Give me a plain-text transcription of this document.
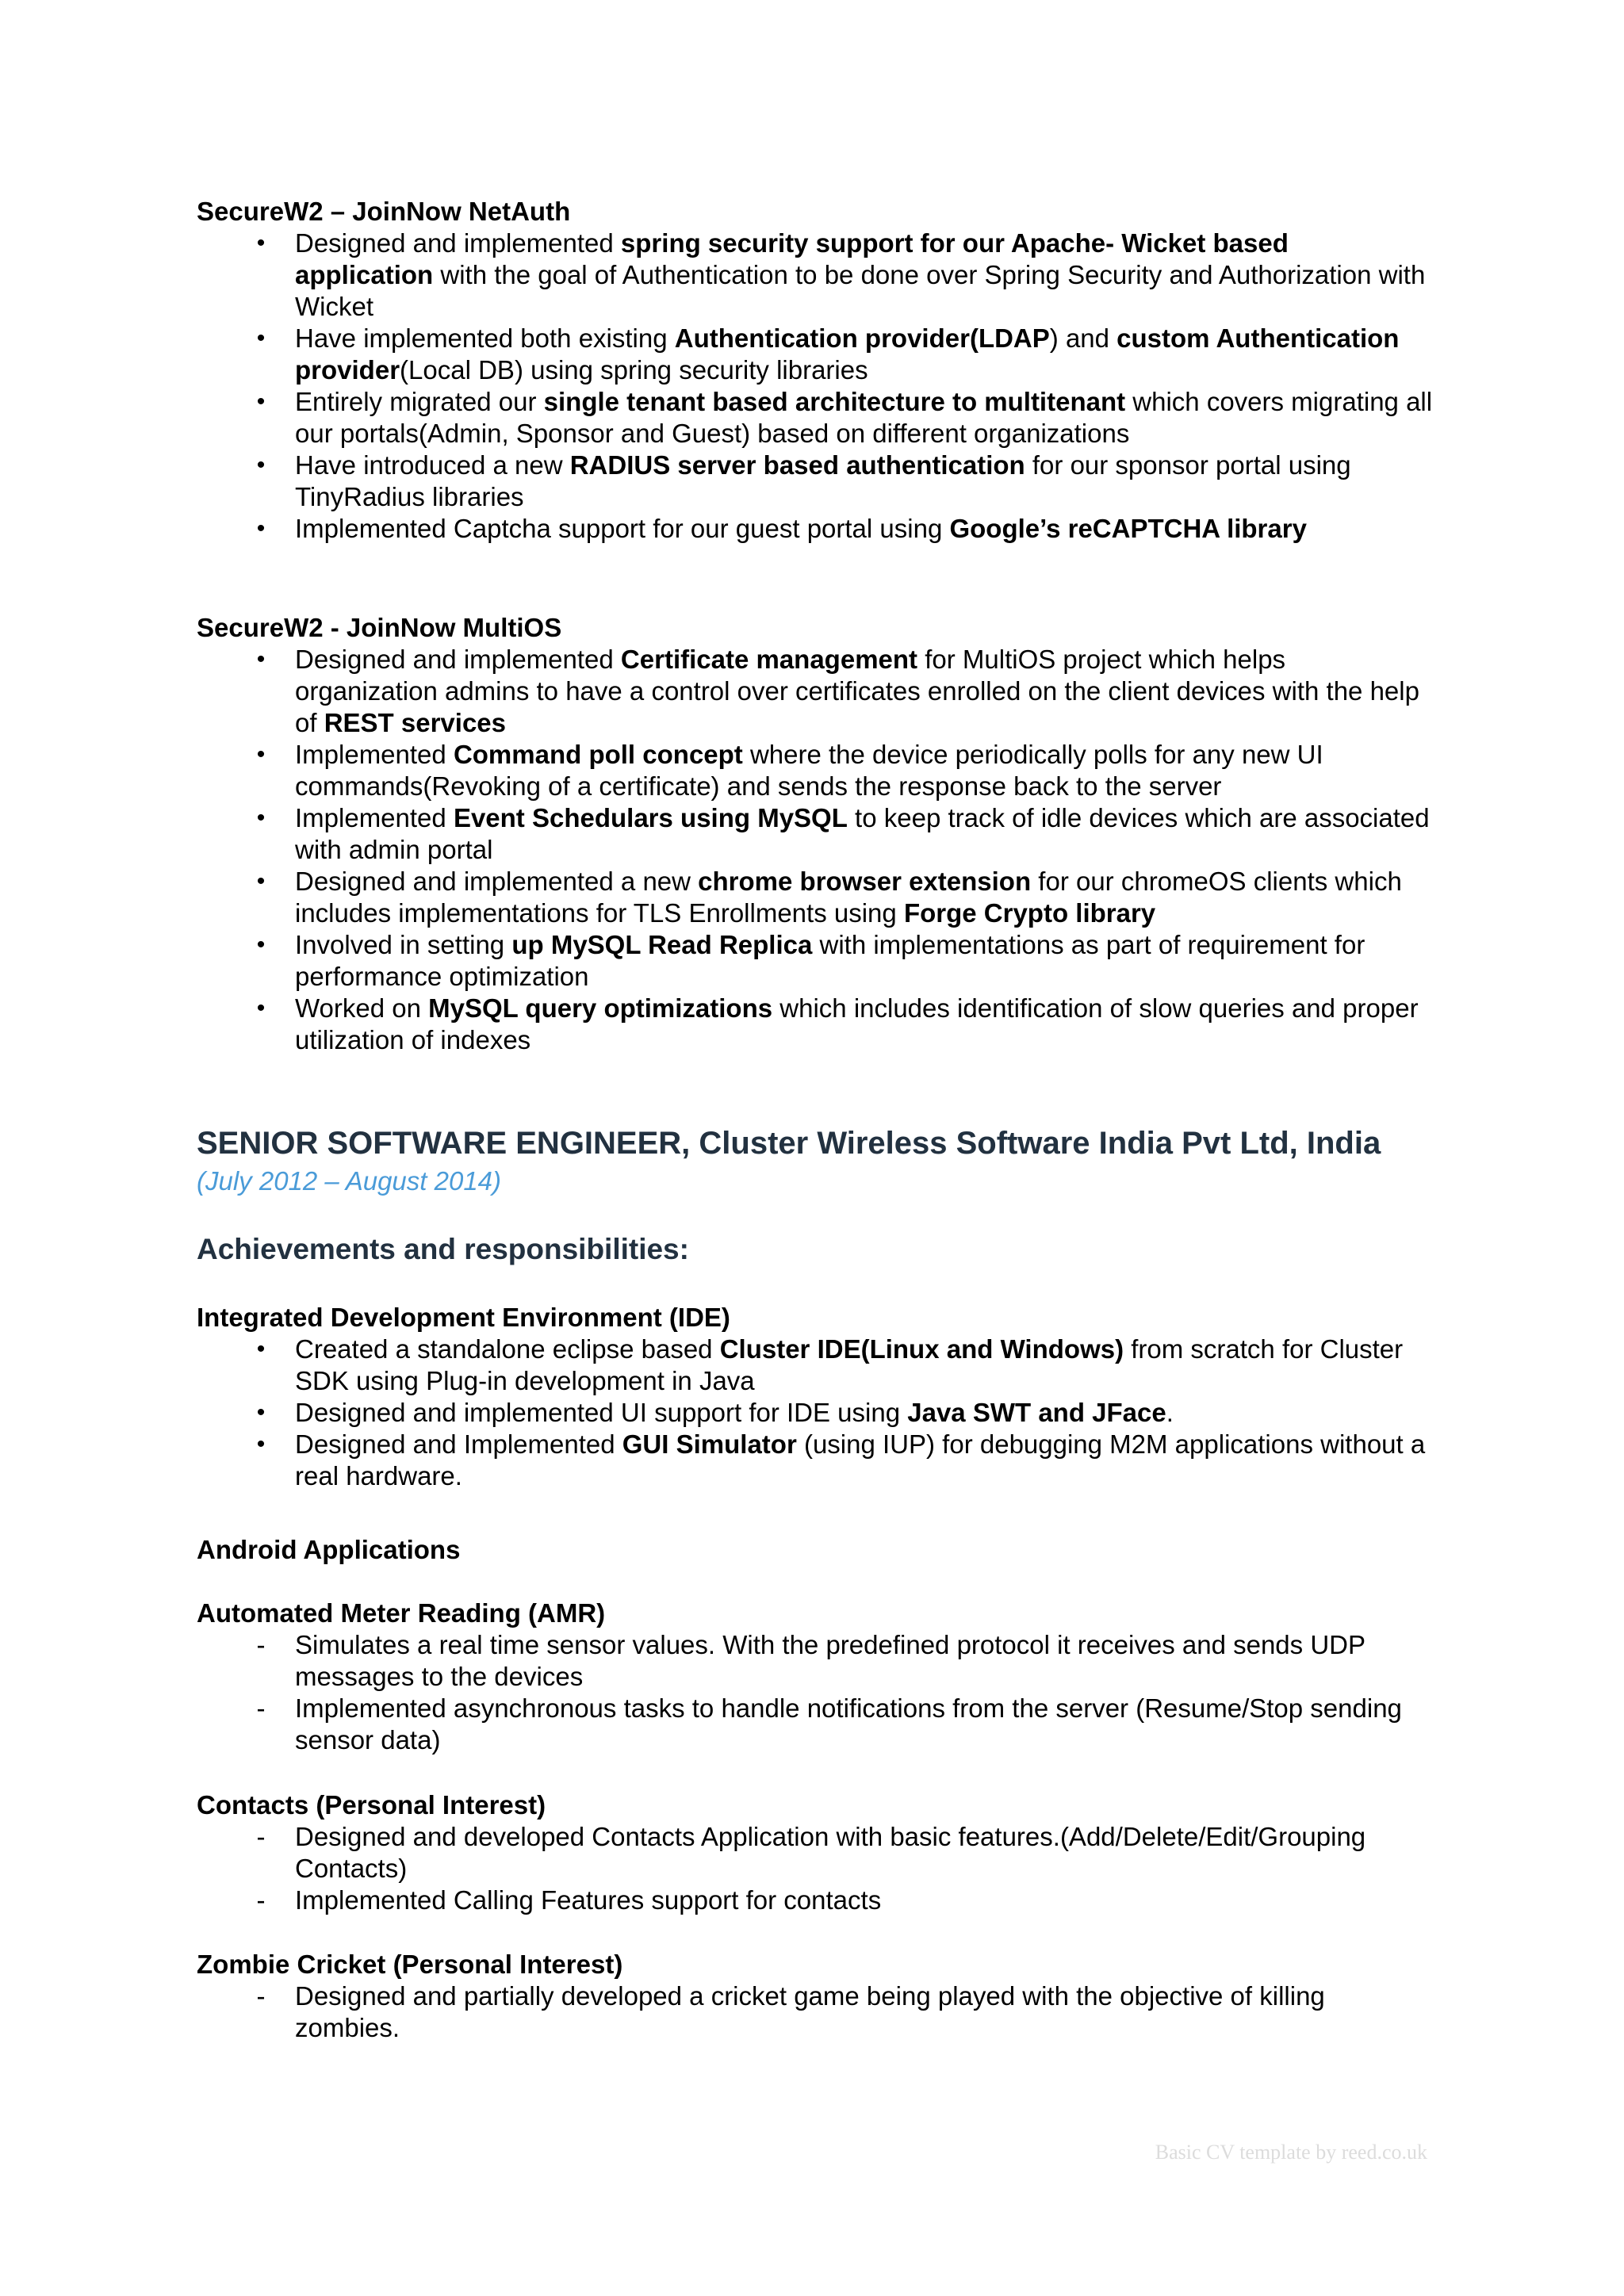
SecureW2 – JoinNow NetAuth
• Designed and implemented spring security support for our Apache- Wicket based application with the goal of Authentication to be done over Spring Security and Authorization with Wicket
• Have implemented both existing Authentication provider(LDAP) and custom Authentication provider(Local DB) using spring security libraries
• Entirely migrated our single tenant based architecture to multitenant which covers migrating all our portals(Admin, Sponsor and Guest) based on different organizations
• Have introduced a new RADIUS server based authentication for our sponsor portal using TinyRadius libraries
• Implemented Captcha support for our guest portal using Google’s reCAPTCHA library
SecureW2 - JoinNow MultiOS
• Designed and implemented Certificate management for MultiOS project which helps organization admins to have a control over certificates enrolled on the client devices with the help of REST services
• Implemented Command poll concept where the device periodically polls for any new UI commands(Revoking of a certificate) and sends the response back to the server
• Implemented Event Schedulars using MySQL to keep track of idle devices which are associated with admin portal
• Designed and implemented a new chrome browser extension for our chromeOS clients which includes implementations for TLS Enrollments using Forge Crypto library
• Involved in setting up MySQL Read Replica with implementations as part of requirement for performance optimization
• Worked on MySQL query optimizations which includes identification of slow queries and proper utilization of indexes
SENIOR SOFTWARE ENGINEER, Cluster Wireless Software India Pvt Ltd, India

(July 2012 – August 2014)

Achievements and responsibilities:
Integrated Development Environment (IDE)
• Created a standalone eclipse based Cluster IDE(Linux and Windows) from scratch for Cluster SDK using Plug-in development in Java
• Designed and implemented UI support for IDE using Java SWT and JFace.
• Designed and Implemented GUI Simulator (using IUP) for debugging M2M applications without a real hardware.
Android Applications
Automated Meter Reading (AMR)
- Simulates a real time sensor values. With the predefined protocol it receives and sends UDP messages to the devices
- Implemented asynchronous tasks to handle notifications from the server (Resume/Stop sending sensor data)
Contacts (Personal Interest)
- Designed and developed Contacts Application with basic features.(Add/Delete/Edit/Grouping Contacts)
- Implemented Calling Features support for contacts
Zombie Cricket (Personal Interest)
- Designed and partially developed a cricket game being played with the objective of killing zombies.
Basic CV template by reed.co.uk
